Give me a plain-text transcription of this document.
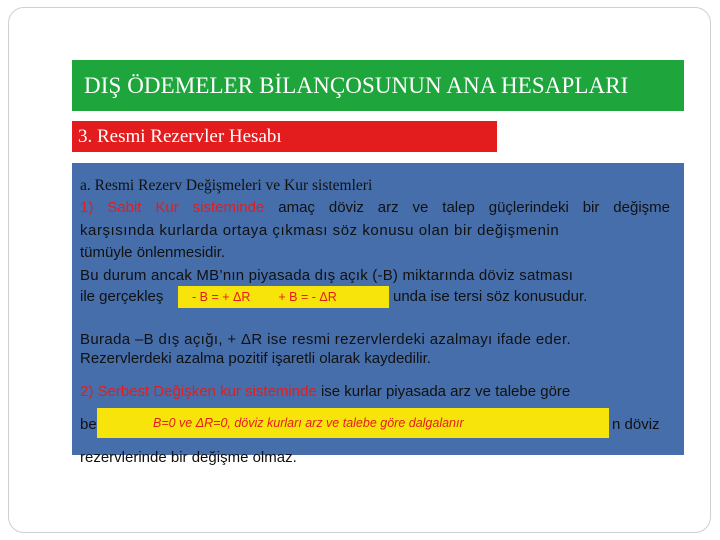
DIŞ ÖDEMELER BİLANÇOSUNUN ANA HESAPLARI
3. Resmi Rezervler Hesabı
a. Resmi Rezerv Değişmeleri ve Kur sistemleri
1) Sabit Kur sisteminde amaç döviz arz ve talep güçlerindeki bir değişme
karşısında kurlarda ortaya çıkması söz konusu olan bir değişmenin
tümüyle önlenmesidir.
Bu durum ancak MB’nın piyasada dış açık (-B) miktarında döviz satması
ile gerçekleş - B = + ΔR + B = - ΔR	unda ise tersi söz konusudur.
Burada –B dış açığı, + ΔR ise resmi rezervlerdeki azalmayı ifade eder.
Rezervlerdeki azalma pozitif işaretli olarak kaydedilir.
2) Serbest Değişken kur sisteminde ise kurlar piyasada arz ve talebe göre
be	B=0 ve ΔR=0, döviz kurları arz ve talebe göre dalgalanır	n döviz
rezervlerinde bir değişme olmaz.
